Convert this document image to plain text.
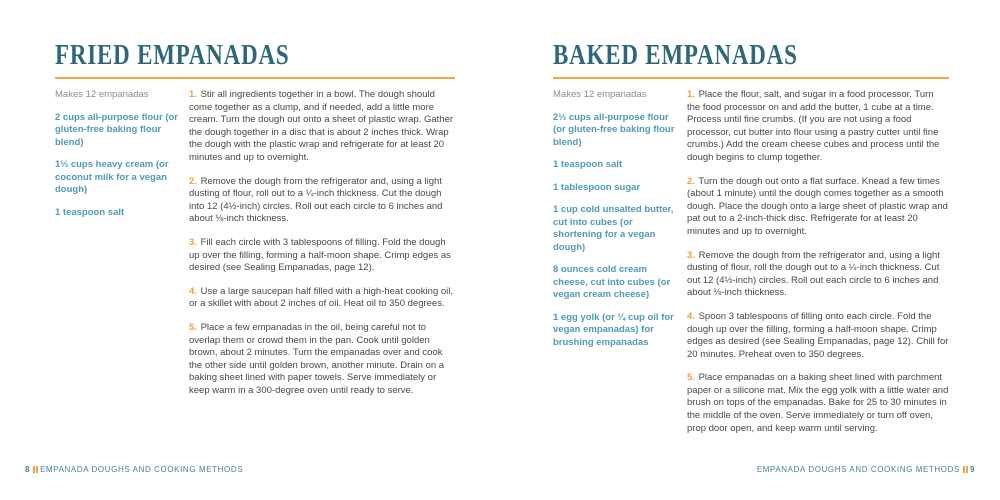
FRIED EMPANADAS

Makes 12 empanadas

2 cups all-purpose flour (or gluten-free baking flour blend)

1⅓ cups heavy cream (or coconut milk for a vegan dough)

1 teaspoon salt

1. Stir all ingredients together in a bowl. The dough should come together as a clump, and if needed, add a little more cream. Turn the dough out onto a sheet of plastic wrap. Gather the dough together in a disc that is about 2 inches thick. Wrap the dough with the plastic wrap and refrigerate for at least 20 minutes and up to overnight.

2. Remove the dough from the refrigerator and, using a light dusting of flour, roll out to a ¼-inch thickness. Cut the dough into 12 (4½-inch) circles. Roll out each circle to 6 inches and about ⅛-inch thickness.

3. Fill each circle with 3 tablespoons of filling. Fold the dough up over the filling, forming a half-moon shape. Crimp edges as desired (see Sealing Empanadas, page 12).

4. Use a large saucepan half filled with a high-heat cooking oil, or a skillet with about 2 inches of oil. Heat oil to 350 degrees.

5. Place a few empanadas in the oil, being careful not to overlap them or crowd them in the pan. Cook until golden brown, about 2 minutes. Turn the empanadas over and cook the other side until golden brown, another minute. Drain on a baking sheet lined with paper towels. Serve immediately or keep warm in a 300-degree oven until ready to serve.

8 EMPANADA DOUGHS AND COOKING METHODS
BAKED EMPANADAS

Makes 12 empanadas

2⅓ cups all-purpose flour (or gluten-free baking flour blend)

1 teaspoon salt

1 tablespoon sugar

1 cup cold unsalted butter, cut into cubes (or shortening for a vegan dough)

8 ounces cold cream cheese, cut into cubes (or vegan cream cheese)

1 egg yolk (or ¼ cup oil for vegan empanadas) for brushing empanadas

1. Place the flour, salt, and sugar in a food processor. Turn the food processor on and add the butter, 1 cube at a time. Process until fine crumbs. (If you are not using a food processor, cut butter into flour using a pastry cutter until fine crumbs.) Add the cream cheese cubes and process until the dough begins to clump together.

2. Turn the dough out onto a flat surface. Knead a few times (about 1 minute) until the dough comes together as a smooth dough. Place the dough onto a large sheet of plastic wrap and pat out to a 2-inch-thick disc. Refrigerate for at least 20 minutes and up to overnight.

3. Remove the dough from the refrigerator and, using a light dusting of flour, roll the dough out to a ¼-inch thickness. Cut out 12 (4½-inch) circles. Roll out each circle to 6 inches and about ⅛-inch thickness.

4. Spoon 3 tablespoons of filling onto each circle. Fold the dough up over the filling, forming a half-moon shape. Crimp edges as desired (see Sealing Empanadas, page 12). Chill for 20 minutes. Preheat oven to 350 degrees.

5. Place empanadas on a baking sheet lined with parchment paper or a silicone mat. Mix the egg yolk with a little water and brush on tops of the empanadas. Bake for 25 to 30 minutes in the middle of the oven. Serve immediately or turn off oven, prop door open, and keep warm until serving.

EMPANADA DOUGHS AND COOKING METHODS 9
